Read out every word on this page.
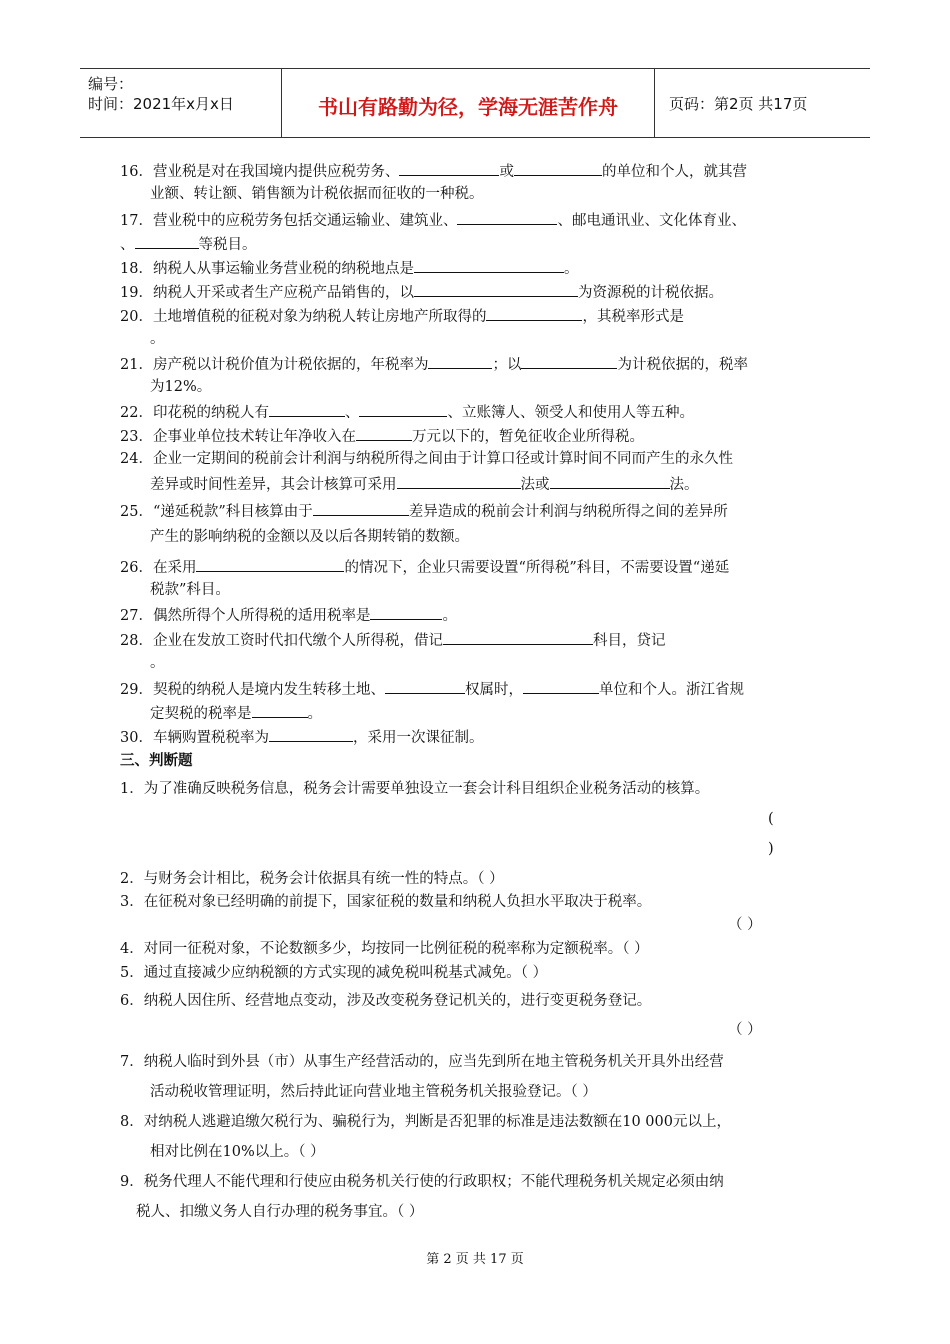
编号：
时间：2021年x月x日	书山有路勤为径，学海无涯苦作舟	页码：第2页 共17页
16．营业税是对在我国境内提供应税劳务、	或	的单位和个人，就其营
业额、转让额、销售额为计税依据而征收的一种税。
17．营业税中的应税劳务包括交通运输业、建筑业、	、邮电通讯业、文化体育业、
、	等税目。
18．纳税人从事运输业务营业税的纳税地点是	。
19．纳税人开采或者生产应税产品销售的，以	为资源税的计税依据。
20．土地增值税的征税对象为纳税人转让房地产所取得的	，其税率形式是
。
21．房产税以计税价值为计税依据的，年税率为	；以	为计税依据的，税率
为12%。
22．印花税的纳税人有	、	、立账簿人、领受人和使用人等五种。
23．企事业单位技术转让年净收入在	万元以下的，暂免征收企业所得税。
24．企业一定期间的税前会计利润与纳税所得之间由于计算口径或计算时间不同而产生的永久性
差异或时间性差异，其会计核算可采用	法或	法。
25．“递延税款”科目核算由于	差异造成的税前会计利润与纳税所得之间的差异所
产生的影响纳税的金额以及以后各期转销的数额。
26．在采用	的情况下，企业只需要设置“所得税”科目，不需要设置“递延
税款”科目。
27．偶然所得个人所得税的适用税率是	。
28．企业在发放工资时代扣代缴个人所得税，借记	科目，贷记
。
29．契税的纳税人是境内发生转移土地、	权属时，	单位和个人。浙江省规
定契税的税率是	。
30．车辆购置税税率为	，采用一次课征制。
三、判断题
1．为了准确反映税务信息，税务会计需要单独设立一套会计科目组织企业税务活动的核算。
(
)
2．与财务会计相比，税务会计依据具有统一性的特点。（ ）
3．在征税对象已经明确的前提下，国家征税的数量和纳税人负担水平取决于税率。
（ ）
4．对同一征税对象，不论数额多少，均按同一比例征税的税率称为定额税率。（ ）
5．通过直接减少应纳税额的方式实现的减免税叫税基式减免。（ ）
6．纳税人因住所、经营地点变动，涉及改变税务登记机关的，进行变更税务登记。
（ ）
7．纳税人临时到外县（市）从事生产经营活动的，应当先到所在地主管税务机关开具外出经营
活动税收管理证明，然后持此证向营业地主管税务机关报验登记。（ ）
8．对纳税人逃避追缴欠税行为、骗税行为，判断是否犯罪的标准是违法数额在10 000元以上，
相对比例在10%以上。（ ）
9．税务代理人不能代理和行使应由税务机关行使的行政职权；不能代理税务机关规定必须由纳
税人、扣缴义务人自行办理的税务事宜。（ ）
第 2 页 共 17 页
